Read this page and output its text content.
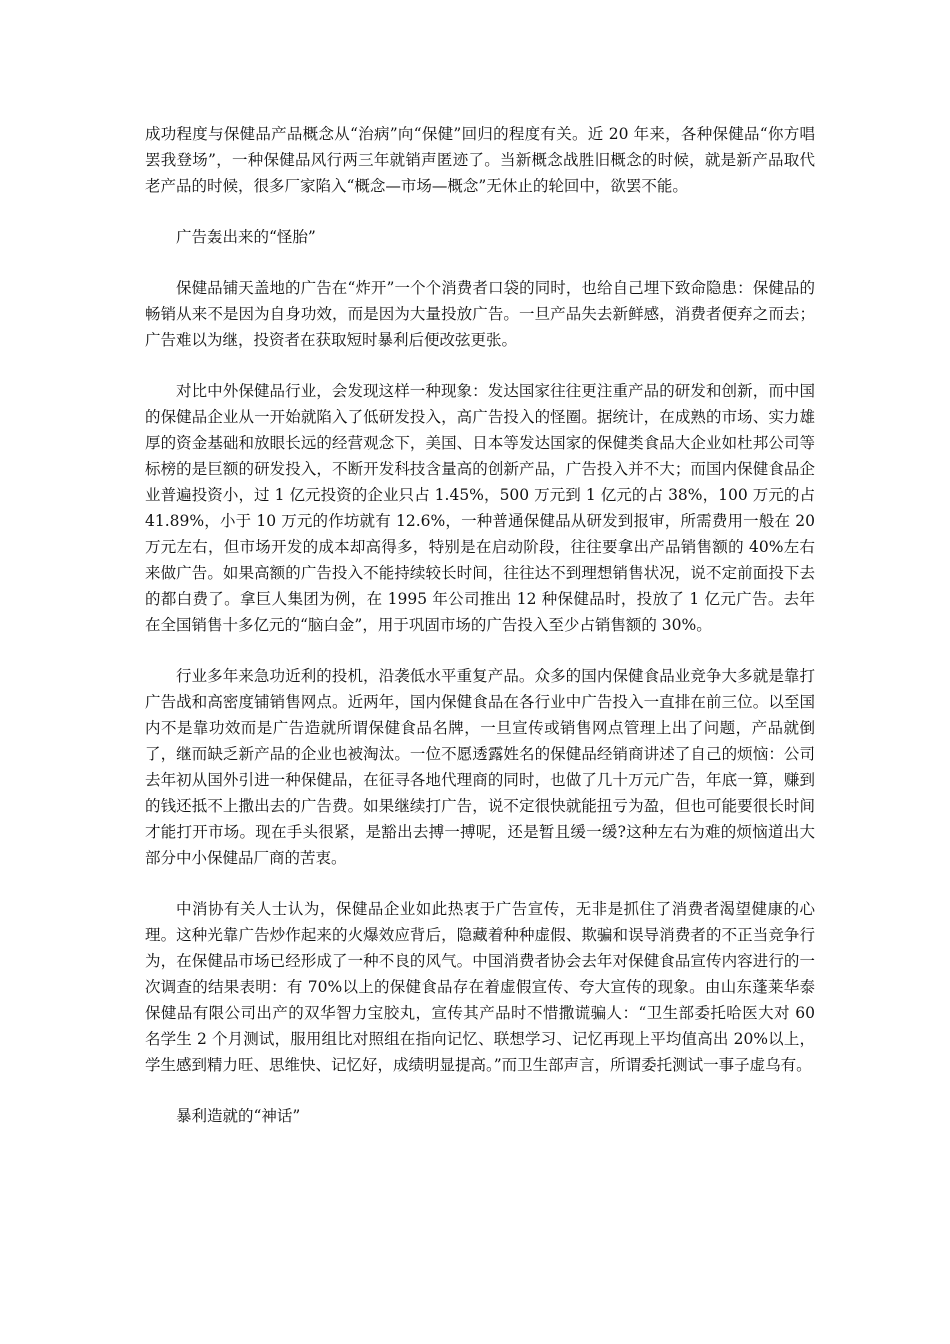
成功程度与保健品产品概念从“治病”向“保健”回归的程度有关。近 20 年来，各种保健品“你方唱罢我登场”，一种保健品风行两三年就销声匿迹了。当新概念战胜旧概念的时候，就是新产品取代老产品的时候，很多厂家陷入“概念—市场—概念”无休止的轮回中，欲罢不能。

广告轰出来的“怪胎”

保健品铺天盖地的广告在“炸开”一个个消费者口袋的同时，也给自己埋下致命隐患：保健品的畅销从来不是因为自身功效，而是因为大量投放广告。一旦产品失去新鲜感，消费者便弃之而去；广告难以为继，投资者在获取短时暴利后便改弦更张。

对比中外保健品行业，会发现这样一种现象：发达国家往往更注重产品的研发和创新，而中国的保健品企业从一开始就陷入了低研发投入，高广告投入的怪圈。据统计，在成熟的市场、实力雄厚的资金基础和放眼长远的经营观念下，美国、日本等发达国家的保健类食品大企业如杜邦公司等标榜的是巨额的研发投入，不断开发科技含量高的创新产品，广告投入并不大；而国内保健食品企业普遍投资小，过 1 亿元投资的企业只占 1.45%，500 万元到 1 亿元的占 38%，100 万元的占 41.89%，小于 10 万元的作坊就有 12.6%，一种普通保健品从研发到报审，所需费用一般在 20 万元左右，但市场开发的成本却高得多，特别是在启动阶段，往往要拿出产品销售额的 40%左右来做广告。如果高额的广告投入不能持续较长时间，往往达不到理想销售状况，说不定前面投下去的都白费了。拿巨人集团为例，在 1995 年公司推出 12 种保健品时，投放了 1 亿元广告。去年在全国销售十多亿元的“脑白金”，用于巩固市场的广告投入至少占销售额的 30%。

行业多年来急功近利的投机，沿袭低水平重复产品。众多的国内保健食品业竞争大多就是靠打广告战和高密度铺销售网点。近两年，国内保健食品在各行业中广告投入一直排在前三位。以至国内不是靠功效而是广告造就所谓保健食品名牌，一旦宣传或销售网点管理上出了问题，产品就倒了，继而缺乏新产品的企业也被淘汰。一位不愿透露姓名的保健品经销商讲述了自己的烦恼：公司去年初从国外引进一种保健品，在征寻各地代理商的同时，也做了几十万元广告，年底一算，赚到的钱还抵不上撒出去的广告费。如果继续打广告，说不定很快就能扭亏为盈，但也可能要很长时间才能打开市场。现在手头很紧，是豁出去搏一搏呢，还是暂且缓一缓?这种左右为难的烦恼道出大部分中小保健品厂商的苦衷。

中消协有关人士认为，保健品企业如此热衷于广告宣传，无非是抓住了消费者渴望健康的心理。这种光靠广告炒作起来的火爆效应背后，隐藏着种种虚假、欺骗和误导消费者的不正当竞争行为，在保健品市场已经形成了一种不良的风气。中国消费者协会去年对保健食品宣传内容进行的一次调查的结果表明：有 70%以上的保健食品存在着虚假宣传、夸大宣传的现象。由山东蓬莱华泰保健品有限公司出产的双华智力宝胶丸，宣传其产品时不惜撒谎骗人：“卫生部委托哈医大对 60 名学生 2 个月测试，服用组比对照组在指向记忆、联想学习、记忆再现上平均值高出 20%以上，学生感到精力旺、思维快、记忆好，成绩明显提高。”而卫生部声言，所谓委托测试一事子虚乌有。

暴利造就的“神话”
